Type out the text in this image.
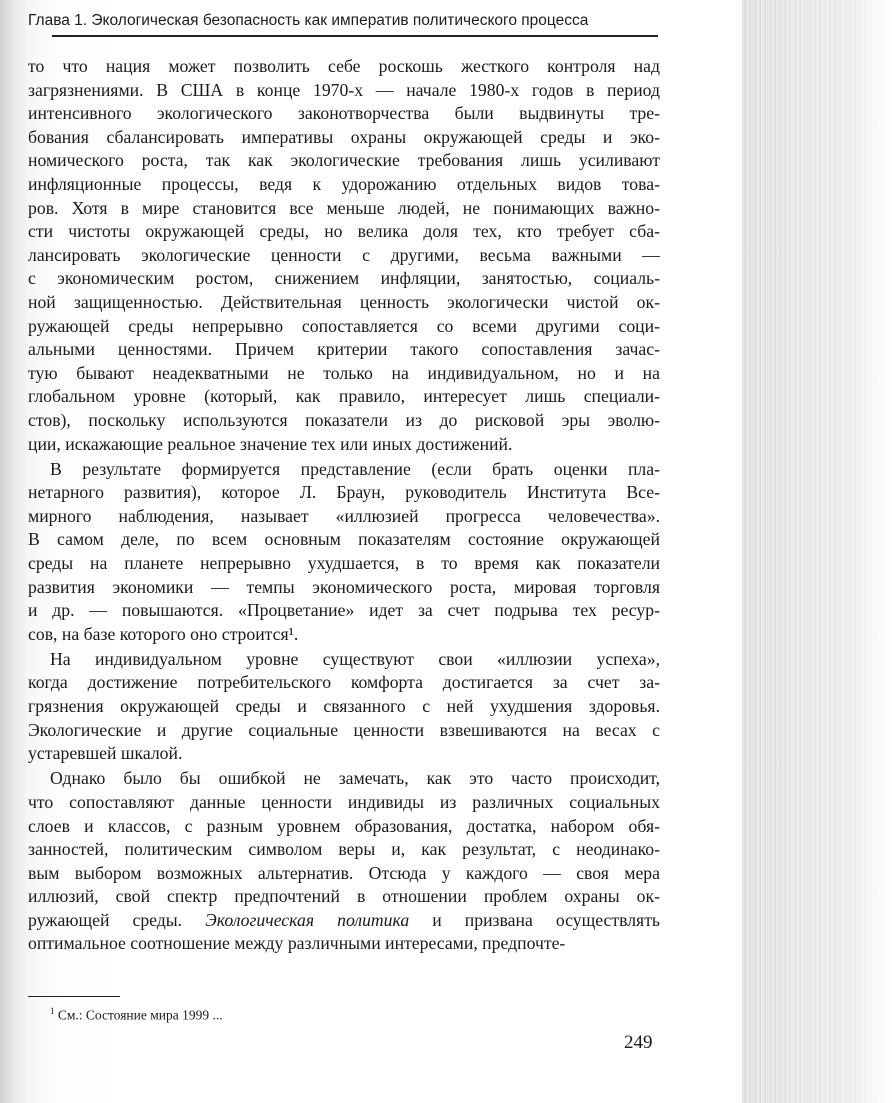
Глава 1. Экологическая безопасность как императив политического процесса
то что нация может позволить себе роскошь жесткого контроля над
загрязнениями. В США в конце 1970-х — начале 1980-х годов в период
интенсивного экологического законотворчества были выдвинуты тре-
бования сбалансировать императивы охраны окружающей среды и эко-
номического роста, так как экологические требования лишь усиливают
инфляционные процессы, ведя к удорожанию отдельных видов това-
ров. Хотя в мире становится все меньше людей, не понимающих важно-
сти чистоты окружающей среды, но велика доля тех, кто требует сба-
лансировать экологические ценности с другими, весьма важными —
с экономическим ростом, снижением инфляции, занятостью, социаль-
ной защищенностью. Действительная ценность экологически чистой ок-
ружающей среды непрерывно сопоставляется со всеми другими соци-
альными ценностями. Причем критерии такого сопоставления зачас-
тую бывают неадекватными не только на индивидуальном, но и на
глобальном уровне (который, как правило, интересует лишь специали-
стов), поскольку используются показатели из до рисковой эры эволю-
ции, искажающие реальное значение тех или иных достижений.
В результате формируется представление (если брать оценки пла-
нетарного развития), которое Л. Браун, руководитель Института Все-
мирного наблюдения, называет «иллюзией прогресса человечества».
В самом деле, по всем основным показателям состояние окружающей
среды на планете непрерывно ухудшается, в то время как показатели
развития экономики — темпы экономического роста, мировая торговля
и др. — повышаются. «Процветание» идет за счет подрыва тех ресур-
сов, на базе которого оно строится¹.
На индивидуальном уровне существуют свои «иллюзии успеха»,
когда достижение потребительского комфорта достигается за счет за-
грязнения окружающей среды и связанного с ней ухудшения здоровья.
Экологические и другие социальные ценности взвешиваются на весах с
устаревшей шкалой.
Однако было бы ошибкой не замечать, как это часто происходит,
что сопоставляют данные ценности индивиды из различных социальных
слоев и классов, с разным уровнем образования, достатка, набором обя-
занностей, политическим символом веры и, как результат, с неодинако-
вым выбором возможных альтернатив. Отсюда у каждого — своя мера
иллюзий, свой спектр предпочтений в отношении проблем охраны ок-
ружающей среды. Экологическая политика и призвана осуществлять
оптимальное соотношение между различными интересами, предпочте-
$^1$ См.: Состояние мира 1999 ...
249
